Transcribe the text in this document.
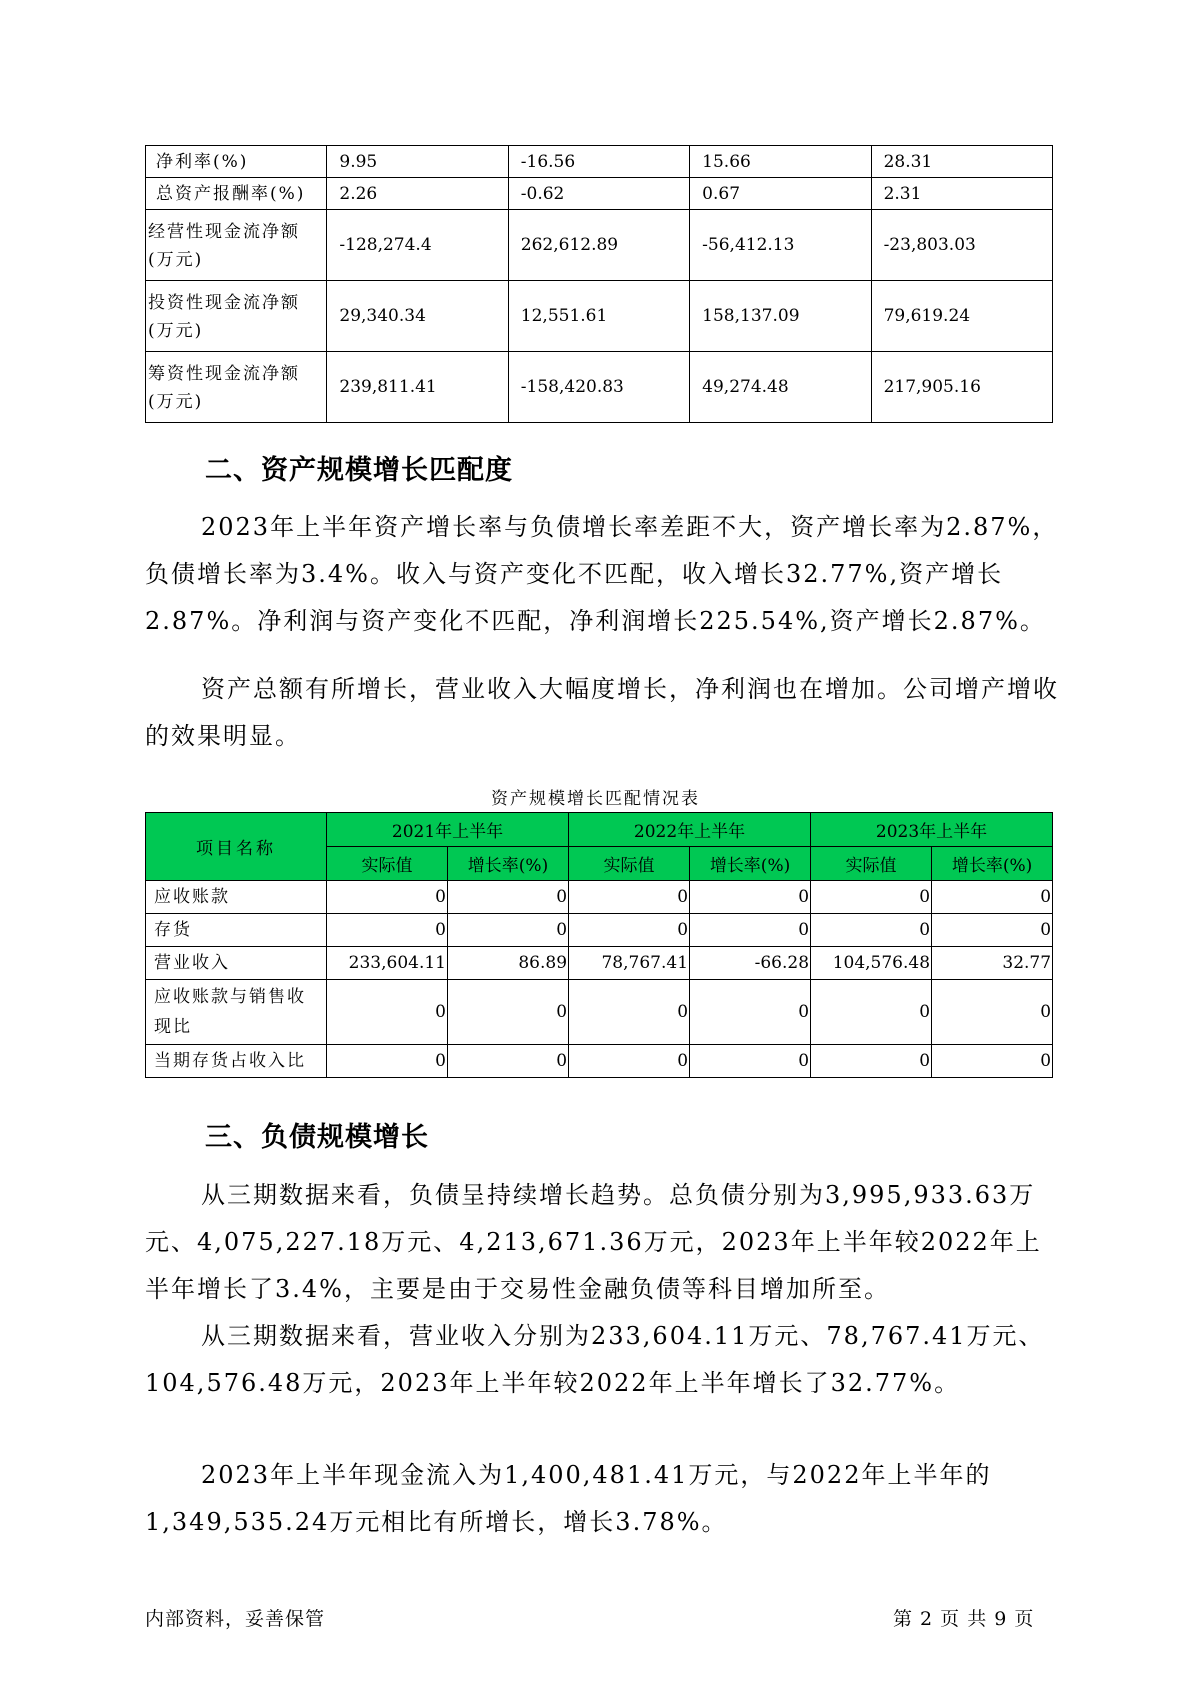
净利率(%)	9.95	-16.56	15.66	28.31
总资产报酬率(%)	2.26	-0.62	0.67	2.31
经营性现金流净额(万元)	-128,274.4	262,612.89	-56,412.13	-23,803.03
投资性现金流净额(万元)	29,340.34	12,551.61	158,137.09	79,619.24
筹资性现金流净额(万元)	239,811.41	-158,420.83	49,274.48	217,905.16
二、资产规模增长匹配度

2023年上半年资产增长率与负债增长率差距不大，资产增长率为2.87%，负债增长率为3.4%。收入与资产变化不匹配，收入增长32.77%,资产增长2.87%。净利润与资产变化不匹配，净利润增长225.54%,资产增长2.87%。

资产总额有所增长，营业收入大幅度增长，净利润也在增加。公司增产增收的效果明显。

资产规模增长匹配情况表
项目名称	2021年上半年		2022年上半年		2023年上半年	
	实际值	增长率(%)	实际值	增长率(%)	实际值	增长率(%)
应收账款	0	0	0	0	0	0
存货	0	0	0	0	0	0
营业收入	233,604.11	86.89	78,767.41	-66.28	104,576.48	32.77
应收账款与销售收现比	0	0	0	0	0	0
当期存货占收入比	0	0	0	0	0	0
三、负债规模增长

从三期数据来看，负债呈持续增长趋势。总负债分别为3,995,933.63万元、4,075,227.18万元、4,213,671.36万元，2023年上半年较2022年上半年增长了3.4%，主要是由于交易性金融负债等科目增加所至。

从三期数据来看，营业收入分别为233,604.11万元、78,767.41万元、104,576.48万元，2023年上半年较2022年上半年增长了32.77%。

2023年上半年现金流入为1,400,481.41万元，与2022年上半年的1,349,535.24万元相比有所增长，增长3.78%。

内部资料，妥善保管	第 2 页 共 9 页
